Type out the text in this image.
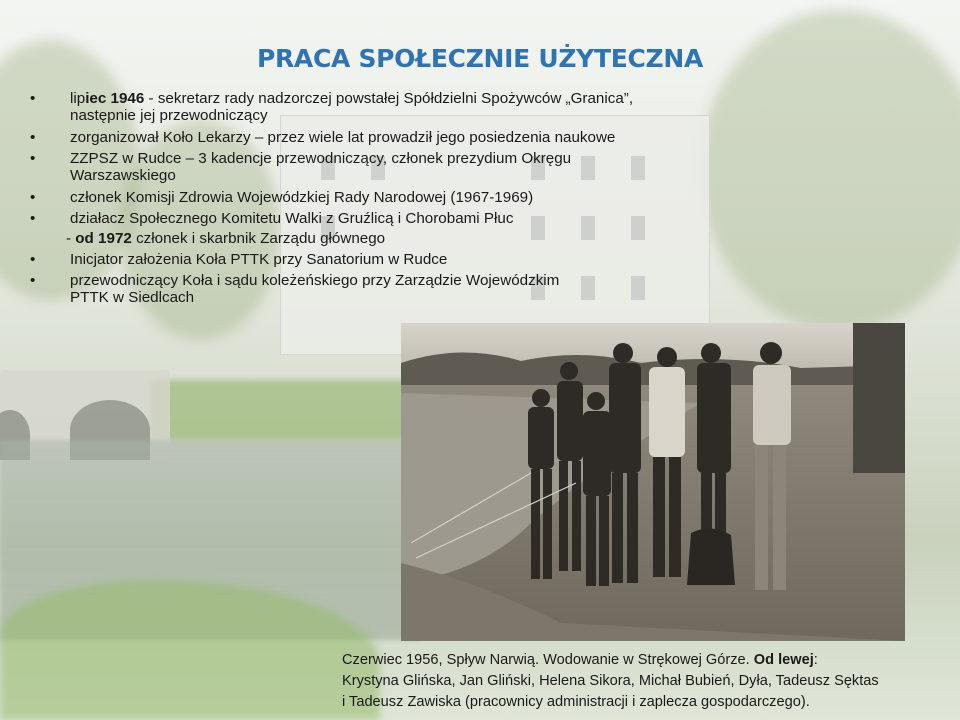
PRACA SPOŁECZNIE UŻYTECZNA
•	lipiec 1946 - sekretarz rady nadzorczej powstałej Spółdzielni Spożywców „Granica”,
następnie jej przewodniczący
•	zorganizował Koło Lekarzy – przez wiele lat prowadził jego posiedzenia naukowe
•	ZZPSZ w Rudce – 3 kadencje przewodniczący, członek prezydium Okręgu
Warszawskiego
•	członek Komisji Zdrowia Wojewódzkiej Rady Narodowej (1967-1969)
•	działacz Społecznego Komitetu Walki z Gruźlicą i Chorobami Płuc
- od 1972 członek i skarbnik Zarządu głównego
•	Inicjator założenia Koła PTTK przy Sanatorium w Rudce
•	przewodniczący Koła i sądu koleżeńskiego przy Zarządzie Wojewódzkim
PTTK w Siedlcach
Czerwiec 1956, Spływ Narwią. Wodowanie w Strękowej Górze. Od lewej:
Krystyna Glińska, Jan Gliński, Helena Sikora, Michał Bubień, Dyła, Tadeusz Sęktas
i Tadeusz Zawiska (pracownicy administracji i zaplecza gospodarczego).
